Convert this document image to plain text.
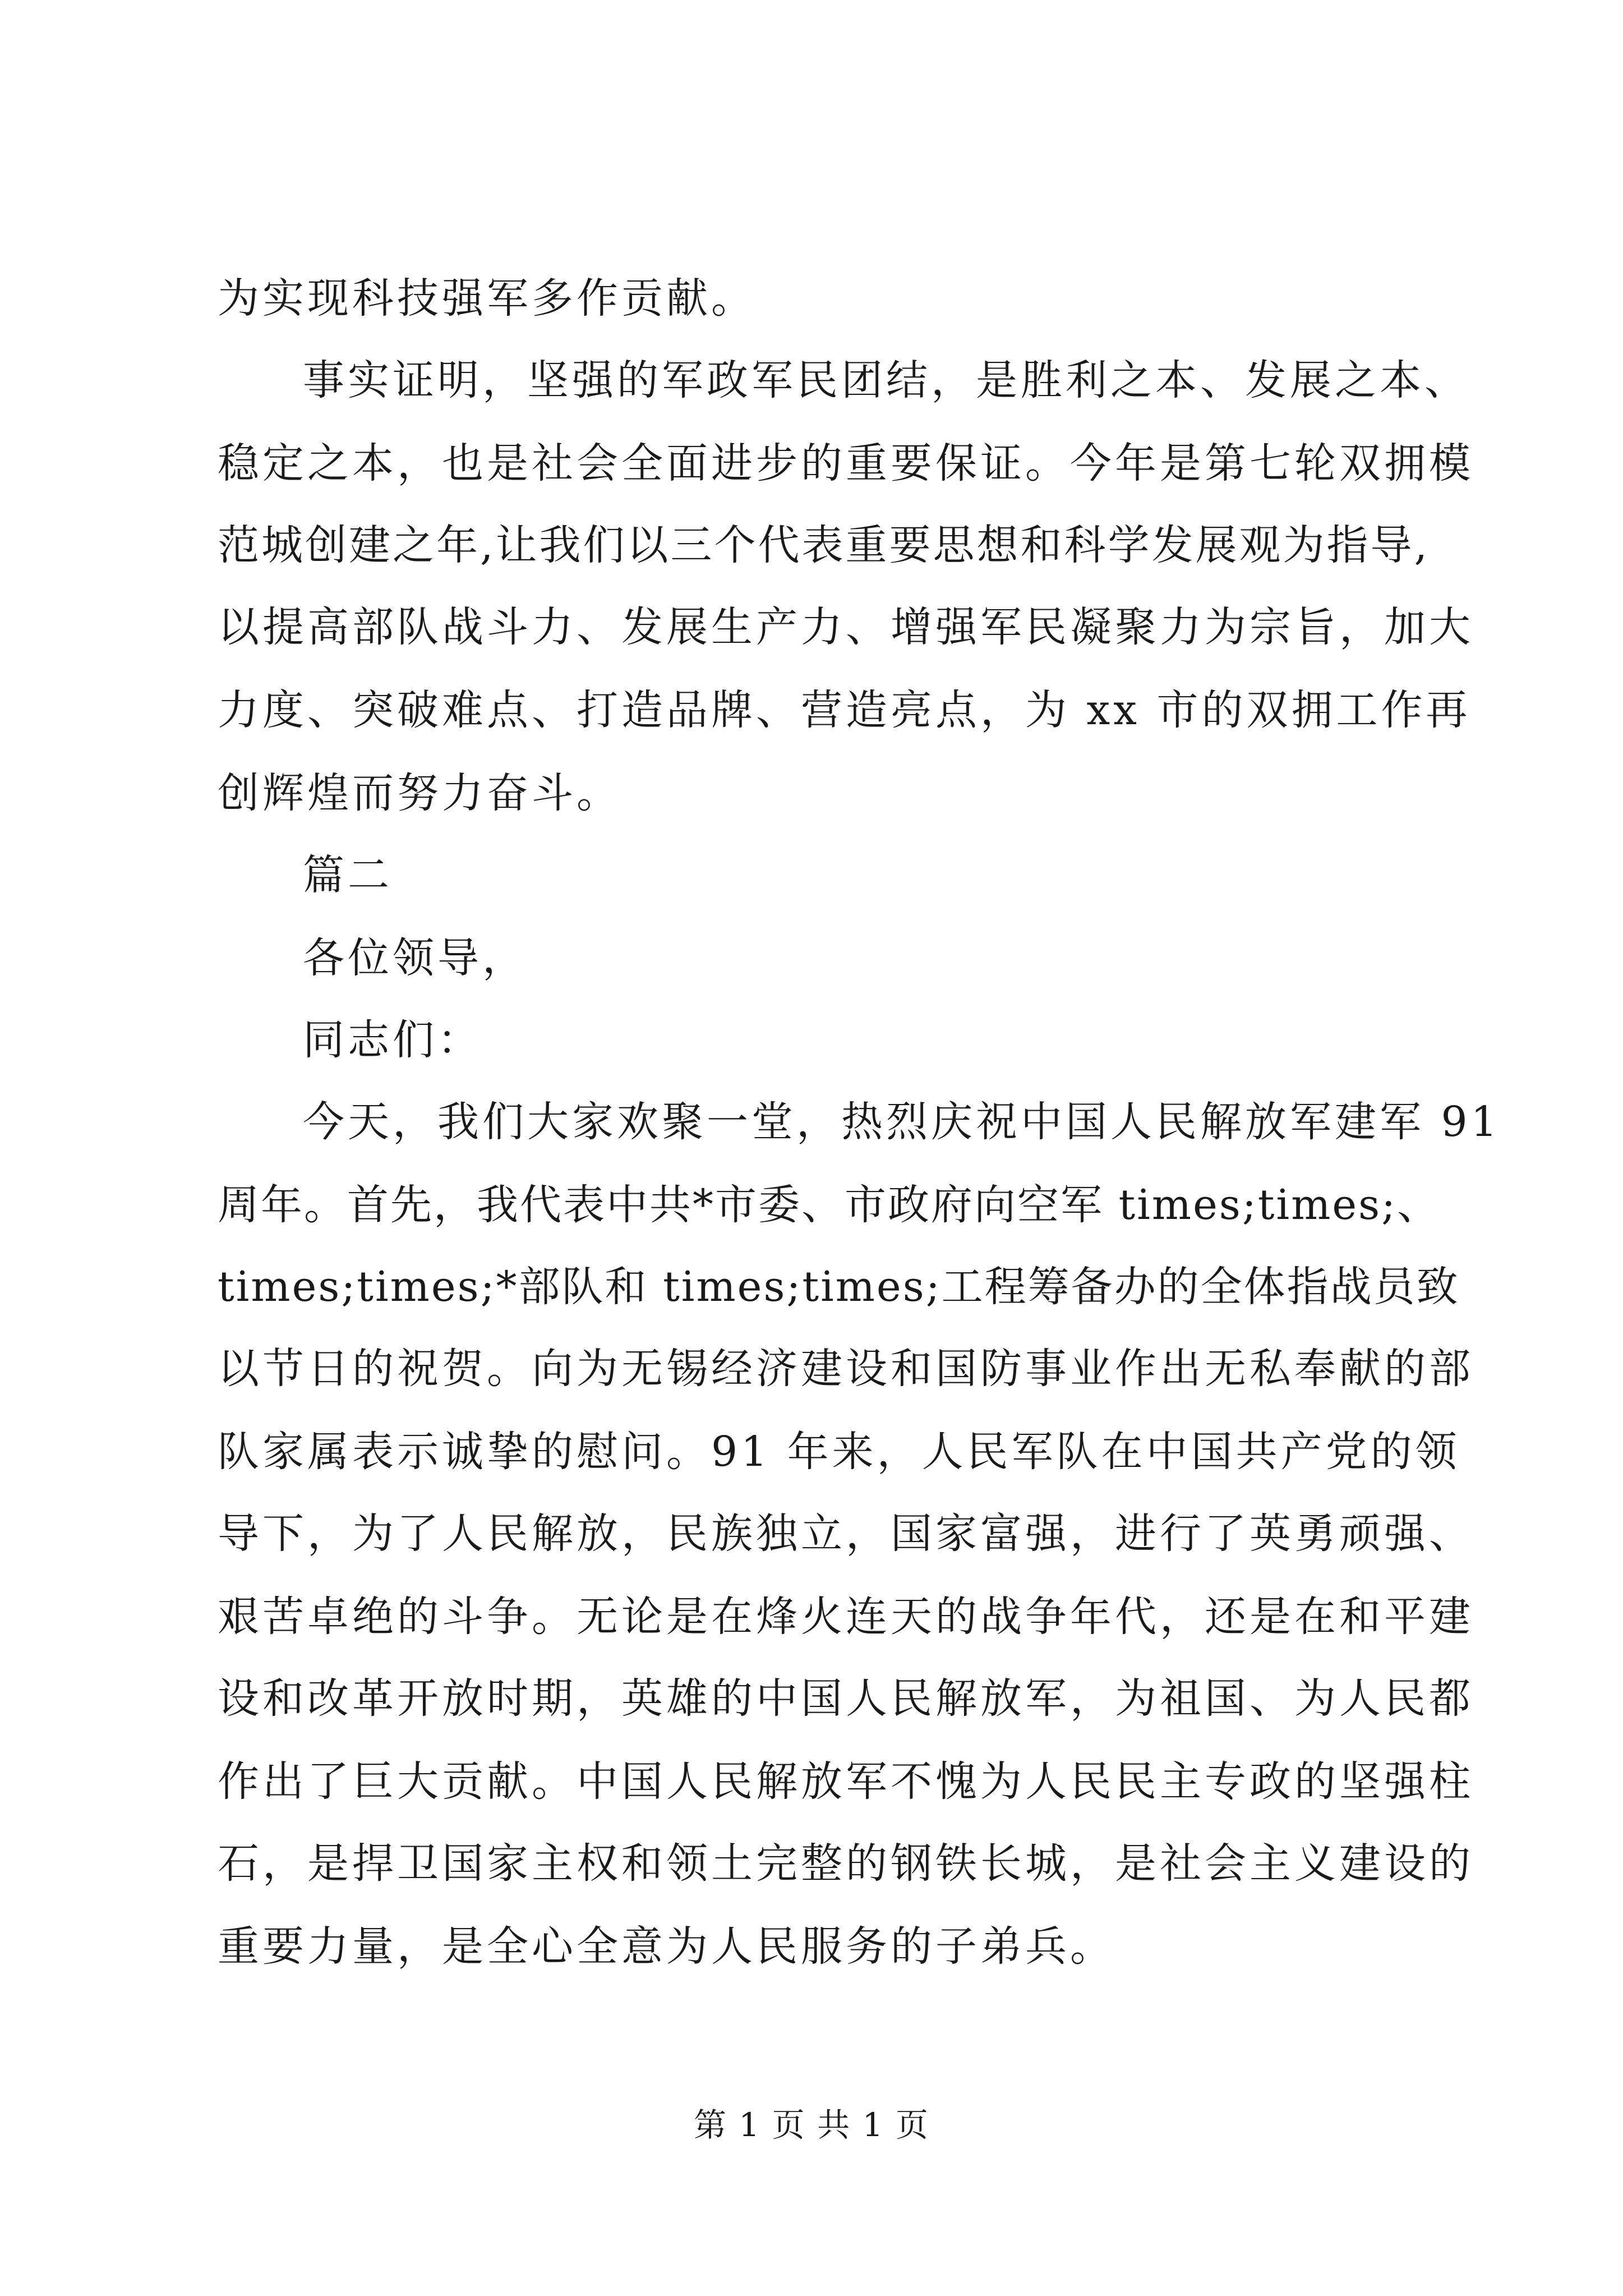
为实现科技强军多作贡献。
事实证明，坚强的军政军民团结，是胜利之本、发展之本、
稳定之本，也是社会全面进步的重要保证。今年是第七轮双拥模
范城创建之年,让我们以三个代表重要思想和科学发展观为指导,
以提高部队战斗力、发展生产力、增强军民凝聚力为宗旨，加大
力度、突破难点、打造品牌、营造亮点，为 xx 市的双拥工作再
创辉煌而努力奋斗。
篇二
各位领导，
同志们：
今天，我们大家欢聚一堂，热烈庆祝中国人民解放军建军 91
周年。首先，我代表中共*市委、市政府向空军 times;times;、
times;times;*部队和 times;times;工程筹备办的全体指战员致
以节日的祝贺。向为无锡经济建设和国防事业作出无私奉献的部
队家属表示诚挚的慰问。91 年来，人民军队在中国共产党的领
导下，为了人民解放，民族独立，国家富强，进行了英勇顽强、
艰苦卓绝的斗争。无论是在烽火连天的战争年代，还是在和平建
设和改革开放时期，英雄的中国人民解放军，为祖国、为人民都
作出了巨大贡献。中国人民解放军不愧为人民民主专政的坚强柱
石，是捍卫国家主权和领土完整的钢铁长城，是社会主义建设的
重要力量，是全心全意为人民服务的子弟兵。
第 1 页 共 1 页
